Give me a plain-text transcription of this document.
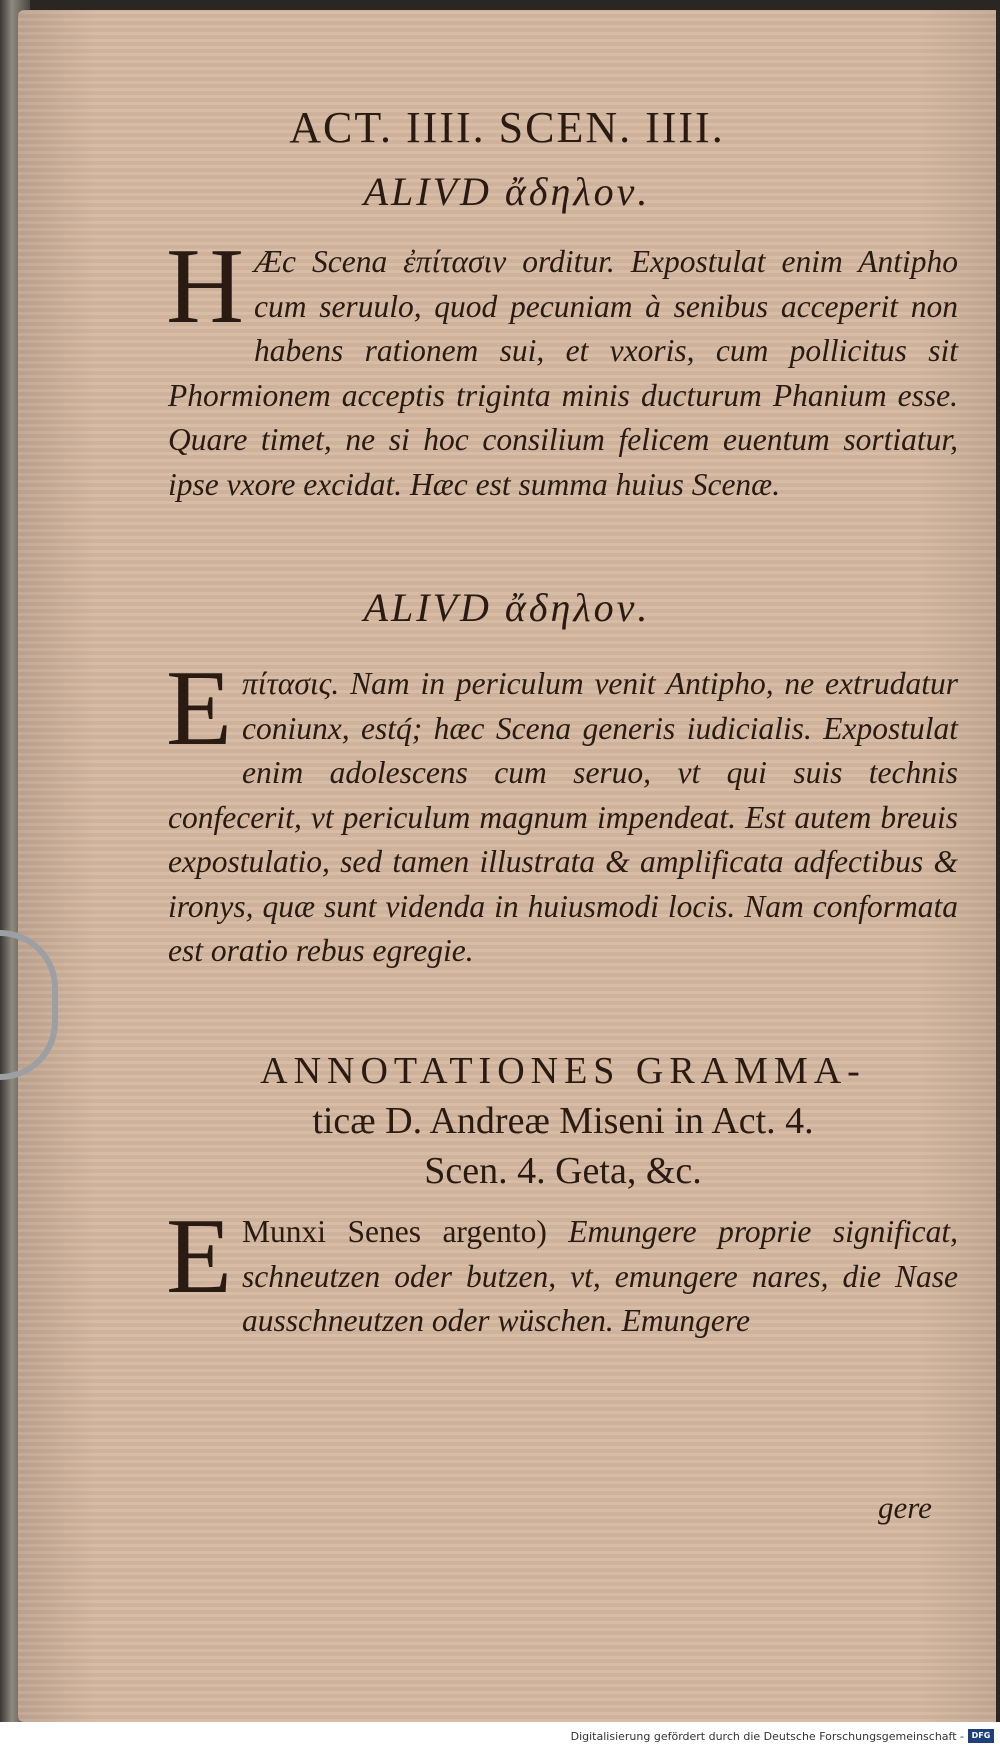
ACT. IIII. SCEN. IIII.
ALIVD ἄδηλον.
H Æc Scena ἐπίτασιν orditur. Expostulat enim Antipho cum seruulo, quod pecuniam à senibus acceperit non habens rationem sui, et vxoris, cum pollicitus sit Phormionem acceptis triginta minis ducturum Phanium esse. Quare timet, ne si hoc consilium felicem euentum sortiatur, ipse vxore excidat. Hæc est summa huius Scenæ.
ALIVD ἄδηλον.
Eπίτασις. Nam in periculum venit Antipho, ne extrudatur coniunx, estq́; hæc Scena generis iudicialis. Expostulat enim adolescens cum seruo, vt qui suis technis confecerit, vt periculum magnum impendeat. Est autem breuis expostulatio, sed tamen illustrata & amplificata adfectibus & ironys, quæ sunt videnda in huiusmodi locis. Nam conformata est oratio rebus egregie.
ANNOTATIONES GRAMMA-
ticæ D. Andreæ Miseni in Act. 4.
Scen. 4. Geta, &c.
E Munxi Senes argento) Emungere proprie significat, schneutzen oder butzen, vt, emungere nares, die Nase ausschneutzen oder wüschen. Emungere
gere
Digitalisierung gefördert durch die Deutsche Forschungsgemeinschaft - DFG
